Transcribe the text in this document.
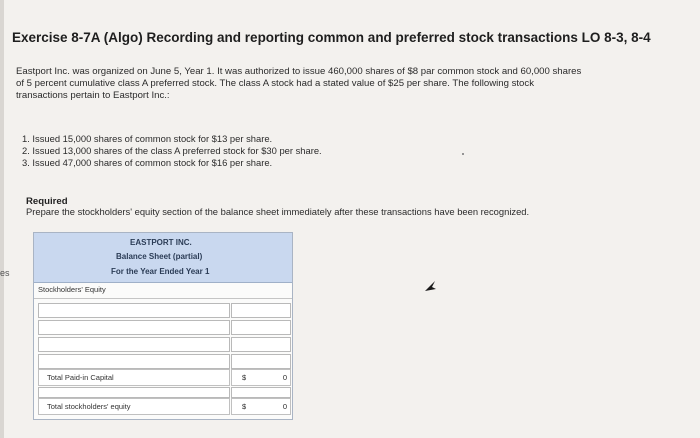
es
Exercise 8-7A (Algo) Recording and reporting common and preferred stock transactions LO 8-3, 8-4
Eastport Inc. was organized on June 5, Year 1. It was authorized to issue 460,000 shares of $8 par common stock and 60,000 shares
of 5 percent cumulative class A preferred stock. The class A stock had a stated value of $25 per share. The following stock
transactions pertain to Eastport Inc.:
1. Issued 15,000 shares of common stock for $13 per share.
2. Issued 13,000 shares of the class A preferred stock for $30 per share.
3. Issued 47,000 shares of common stock for $16 per share.
Required
Prepare the stockholders' equity section of the balance sheet immediately after these transactions have been recognized.
EASTPORT INC.
Balance Sheet (partial)
For the Year Ended Year 1
Stockholders' Equity
Total Paid-in Capital	$	0
Total stockholders' equity	$	0
